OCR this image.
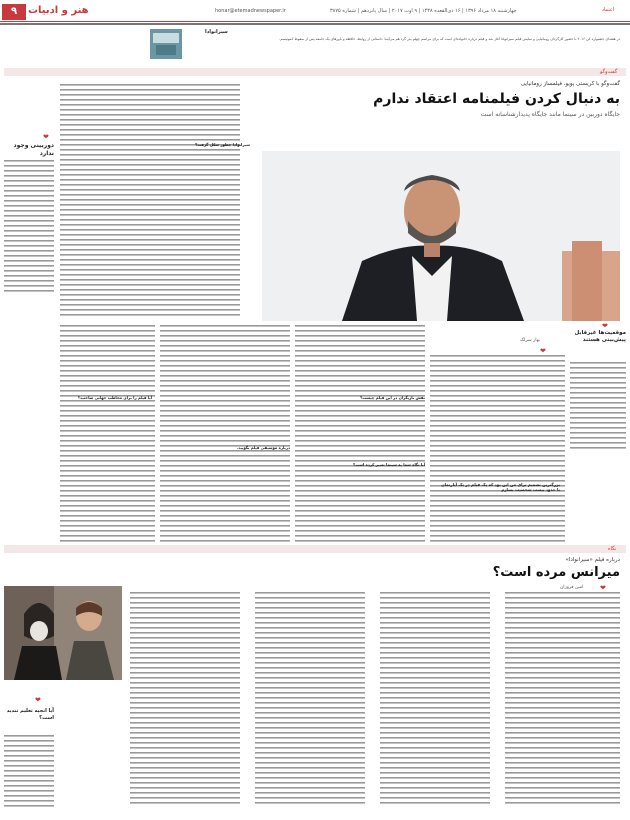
۹	هنر و ادبیات	honar@etemadnewspaper.ir	چهارشنبه ۱۸ مرداد ۱۳۹۶ | ۱۶ ذی‌القعده ۱۴۳۸ | ۹ اوت ۲۰۱۷ | سال پانزدهم | شماره ۳۸۷۵	اعتماد
سیرانو‌ادا
در هفته‌ای‌ جشنواره کن ۲۰۱۶ با حضور کارگردان رومانیایی و نمایش فیلم سیرانو‌ادا آغاز شد و فیلم درباره خانواده‌ای است که برای مراسم چهلم پدر گرد هم می‌آیند؛ داستانی از روابط، حافظه و باورهای یک جامعه پس از سقوط کمونیسم.
گفت‌وگو
گفت‌و‌گو با کریستی پویو، فیلمساز رومانیایی
به دنبال کردن فیلمنامه اعتقاد ندارم
جایگاه دوربین در سینما مانند جایگاه پدیدار‌شناسانه است
سیرانو‌ادا چطور شکل گرفت؟
❤
دوربینی وجود ندارد
❤
موقعیت‌ها غیرقابل پیش‌بینی هستند
❤
بهار سرلک
بزرگترین تصمیم برای من این بود که یک فیلم در یک آپارتمان با حدود بیست شخصیت بسازم
نقش بازیگران در این فیلم چیست؟
آیا نگاه شما به سینما تغییر کرده است؟
درباره موسیقی فیلم بگویید.
آیا فیلم را برای مخاطب جهانی ساختید؟
نگاه
درباره فیلم «سیرانو‌ادا»
میرانس مرده است؟
❤
امین فروزان
❤
آیا انجیه تعلیم تندید است؟
